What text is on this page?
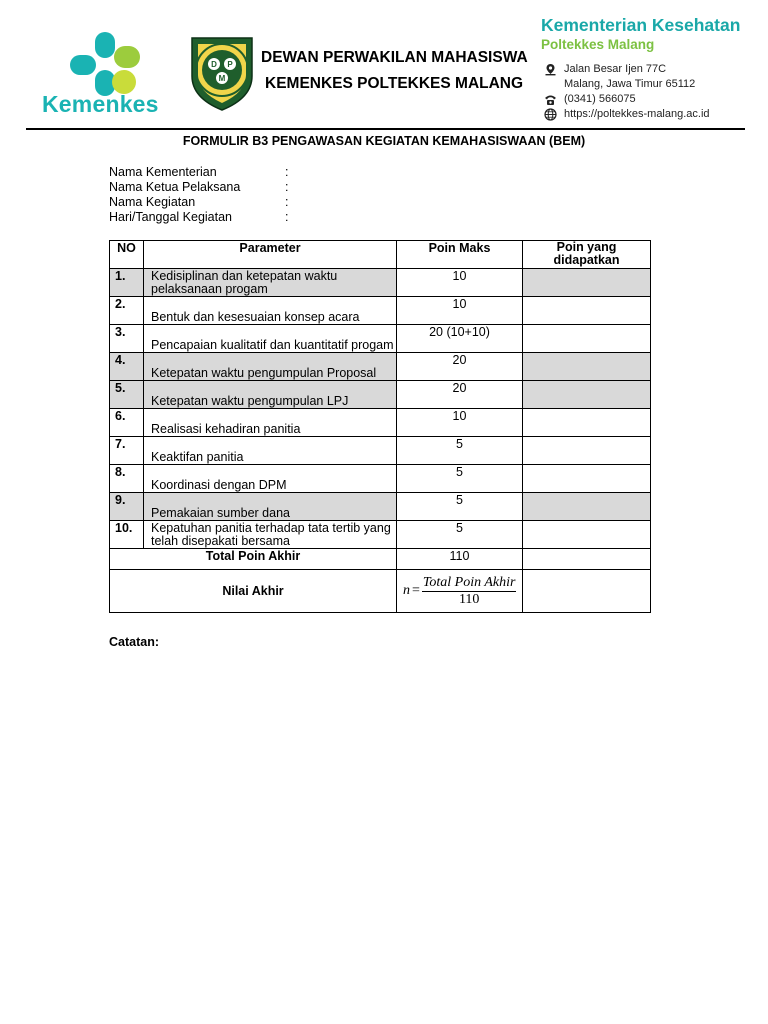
Kemenkes
D P
M
DEWAN PERWAKILAN MAHASISWA
KEMENKES POLTEKKES MALANG
Kementerian Kesehatan
Poltekkes Malang
Jalan Besar Ijen 77C
Malang, Jawa Timur 65112
(0341) 566075
https://poltekkes-malang.ac.id
FORMULIR B3 PENGAWASAN KEGIATAN KEMAHASISWAAN (BEM)
Nama Kementerian	:
Nama Ketua Pelaksana	:
Nama Kegiatan	:
Hari/Tanggal Kegiatan	:
NO	Parameter	Poin Maks	Poin yang didapatkan
1.	Kedisiplinan dan ketepatan waktu pelaksanaan progam	10	
2.	Bentuk dan kesesuaian konsep acara	10	
3.	Pencapaian kualitatif dan kuantitatif progam	20 (10+10)	
4.	Ketepatan waktu pengumpulan Proposal	20	
5.	Ketepatan waktu pengumpulan LPJ	20	
6.	Realisasi kehadiran panitia	10	
7.	Keaktifan panitia	5	
8.	Koordinasi dengan DPM	5	
9.	Pemakaian sumber dana	5	
10.	Kepatuhan panitia terhadap tata tertib yang telah disepakati bersama	5	
Total Poin Akhir		110	
Nilai Akhir		n =
Total Poin Akhir
110	

Catatan:
